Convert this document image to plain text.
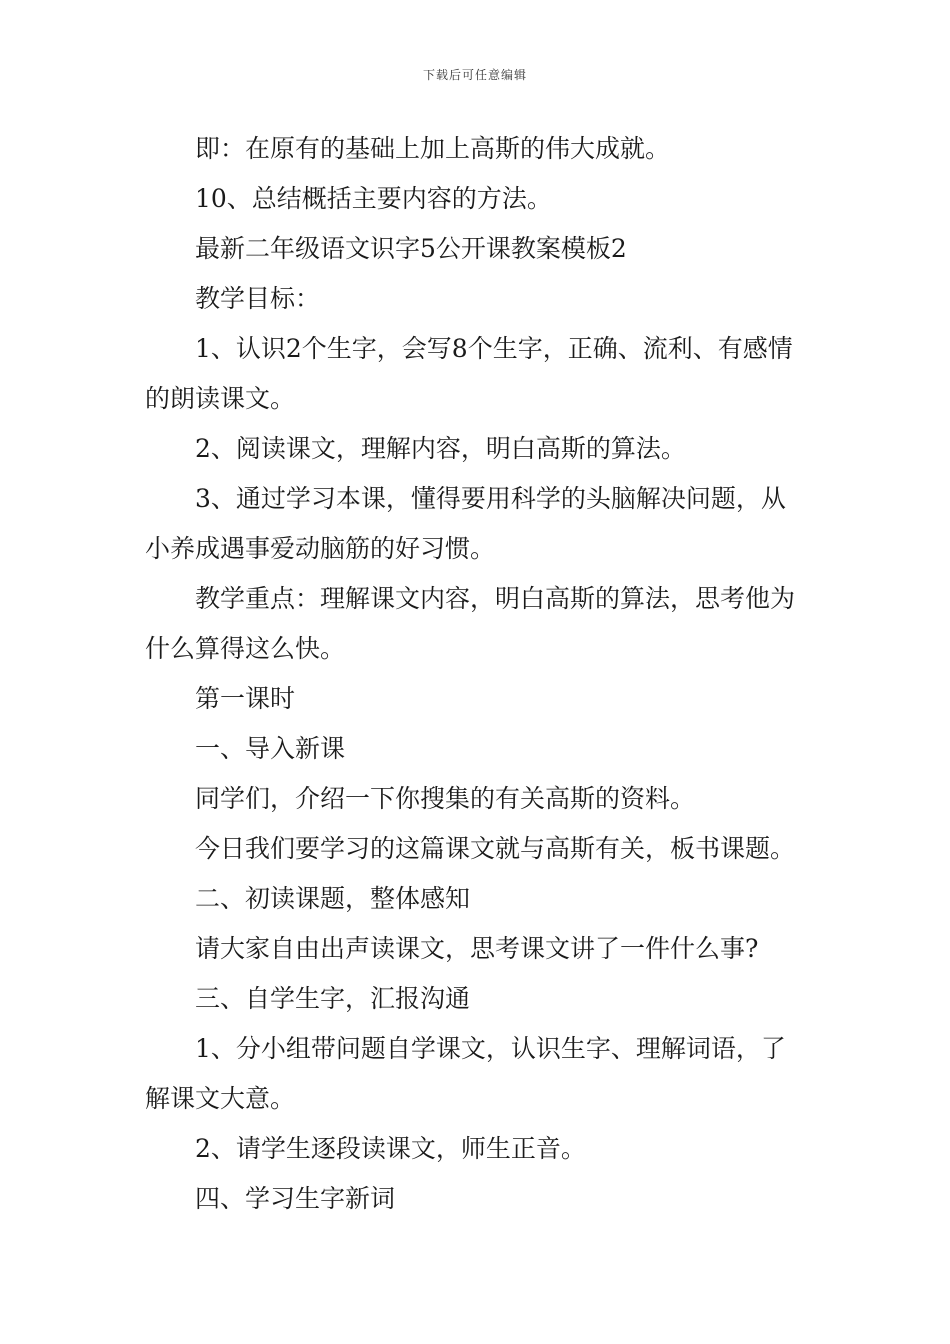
下载后可任意编辑

即：在原有的基础上加上高斯的伟大成就。

10、总结概括主要内容的方法。

最新二年级语文识字5公开课教案模板2

教学目标：

1、认识2个生字，会写8个生字，正确、流利、有感情的朗读课文。

2、阅读课文，理解内容，明白高斯的算法。

3、通过学习本课，懂得要用科学的头脑解决问题，从小养成遇事爱动脑筋的好习惯。

教学重点：理解课文内容，明白高斯的算法，思考他为什么算得这么快。

第一课时

一、导入新课

同学们，介绍一下你搜集的有关高斯的资料。

今日我们要学习的这篇课文就与高斯有关，板书课题。

二、初读课题，整体感知

请大家自由出声读课文，思考课文讲了一件什么事?

三、自学生字，汇报沟通

1、分小组带问题自学课文，认识生字、理解词语，了解课文大意。

2、请学生逐段读课文，师生正音。

四、学习生字新词
